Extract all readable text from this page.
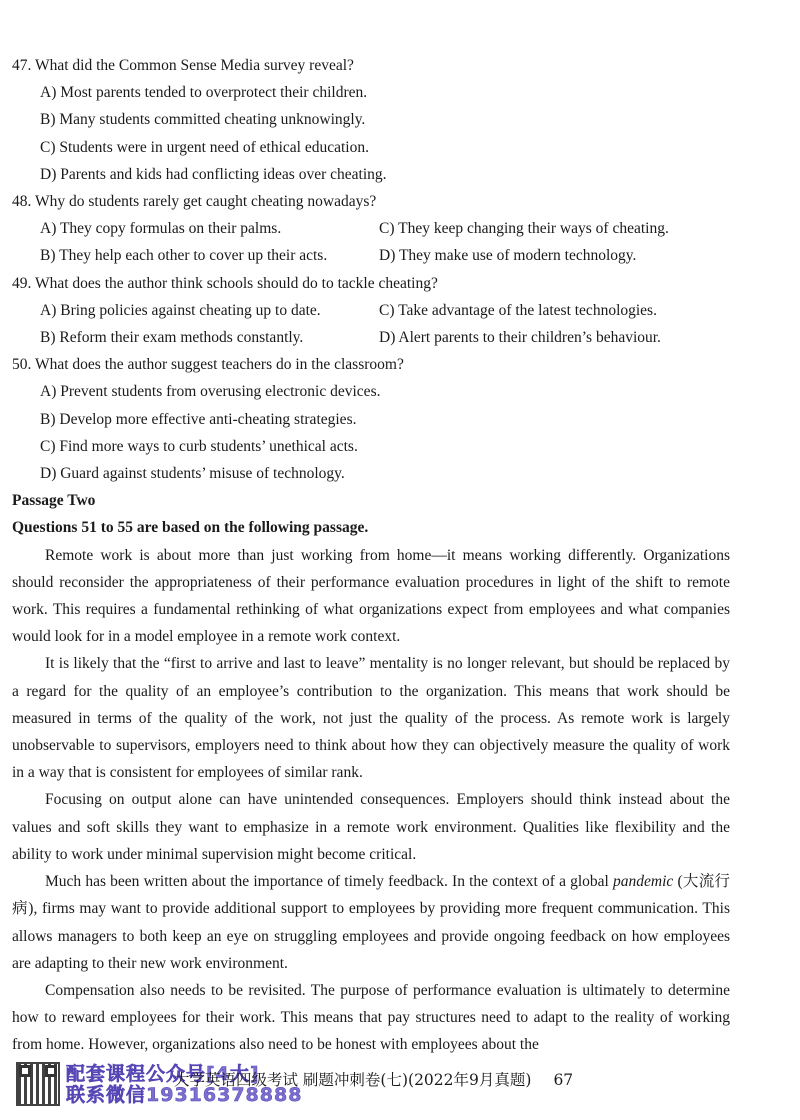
47. What did the Common Sense Media survey reveal?

A) Most parents tended to overprotect their children.

B) Many students committed cheating unknowingly.

C) Students were in urgent need of ethical education.

D) Parents and kids had conflicting ideas over cheating.

48. Why do students rarely get caught cheating nowadays?

A) They copy formulas on their palms.	C) They keep changing their ways of cheating.
B) They help each other to cover up their acts.	D) They make use of modern technology.

49. What does the author think schools should do to tackle cheating?

A) Bring policies against cheating up to date.	C) Take advantage of the latest technologies.
B) Reform their exam methods constantly.	D) Alert parents to their children’s behaviour.

50. What does the author suggest teachers do in the classroom?

A) Prevent students from overusing electronic devices.

B) Develop more effective anti-cheating strategies.

C) Find more ways to curb students’ unethical acts.

D) Guard against students’ misuse of technology.

Passage Two

Questions 51 to 55 are based on the following passage.

Remote work is about more than just working from home—it means working differently. Organizations should reconsider the appropriateness of their performance evaluation procedures in light of the shift to remote work. This requires a fundamental rethinking of what organizations expect from employees and what companies would look for in a model employee in a remote work context.

It is likely that the “first to arrive and last to leave” mentality is no longer relevant, but should be replaced by a regard for the quality of an employee’s contribution to the organization. This means that work should be measured in terms of the quality of the work, not just the quality of the process. As remote work is largely unobservable to supervisors, employers need to think about how they can objectively measure the quality of work in a way that is consistent for employees of similar rank.

Focusing on output alone can have unintended consequences. Employers should think instead about the values and soft skills they want to emphasize in a remote work environment. Qualities like flexibility and the ability to work under minimal supervision might become critical.

Much has been written about the importance of timely feedback. In the context of a global pandemic (大流行病), firms may want to provide additional support to employees by providing more frequent communication. This allows managers to both keep an eye on struggling employees and provide ongoing feedback on how employees are adapting to their new work environment.

Compensation also needs to be revisited. The purpose of performance evaluation is ultimately to determine how to reward employees for their work. This means that pay structures need to adapt to the reality of working from home. However, organizations also need to be honest with employees about the

配套课程公众号[4大]
联系微信19316378888
大学英语四级考试 刷题冲刺卷(七)(2022年9月真题) 67
